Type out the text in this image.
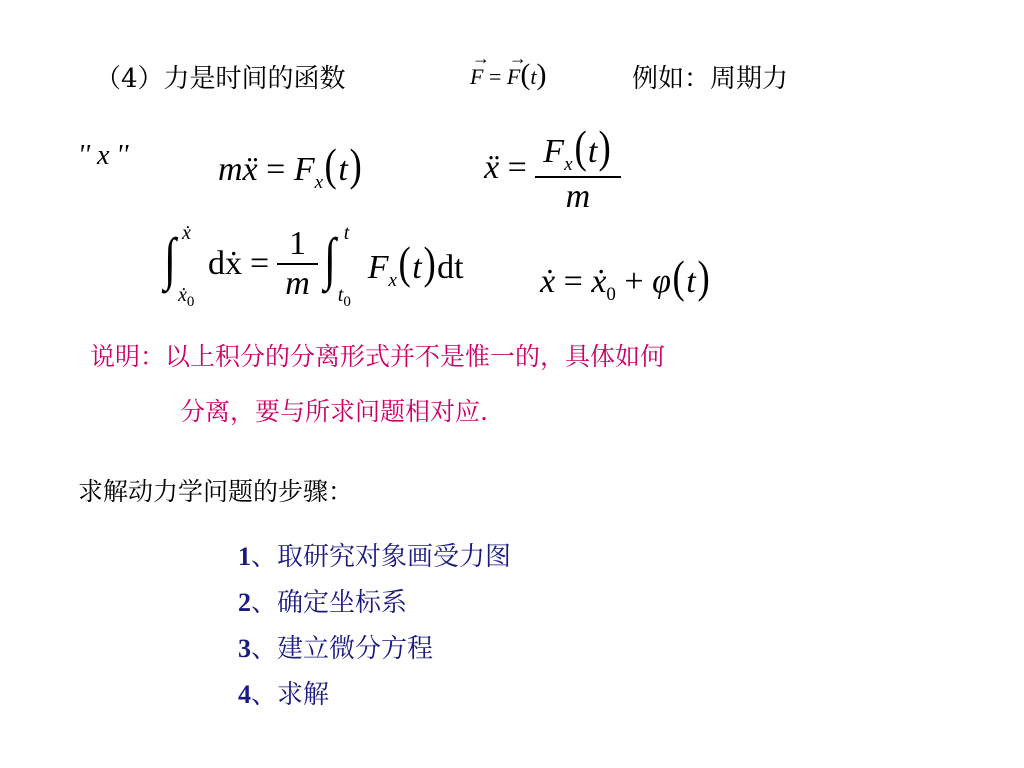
（4）力是时间的函数
→
F =
→
F(t)	例如：周期力
'' x ''	mẍ = $F_x(t)$	ẍ = $\frac{F_x(t)}{m}$
∫ ẋ
ẋ$_0$
dẋ = $\frac{1}{m}$
∫ t
$t_0$
$F_x(t)dt$ ẋ = ẋ$_0$ + φ(t)
说明：以上积分的分离形式并不是惟一的，具体如何
分离，要与所求问题相对应.
求解动力学问题的步骤：
1、取研究对象画受力图
2、确定坐标系
3、建立微分方程
4、求解
